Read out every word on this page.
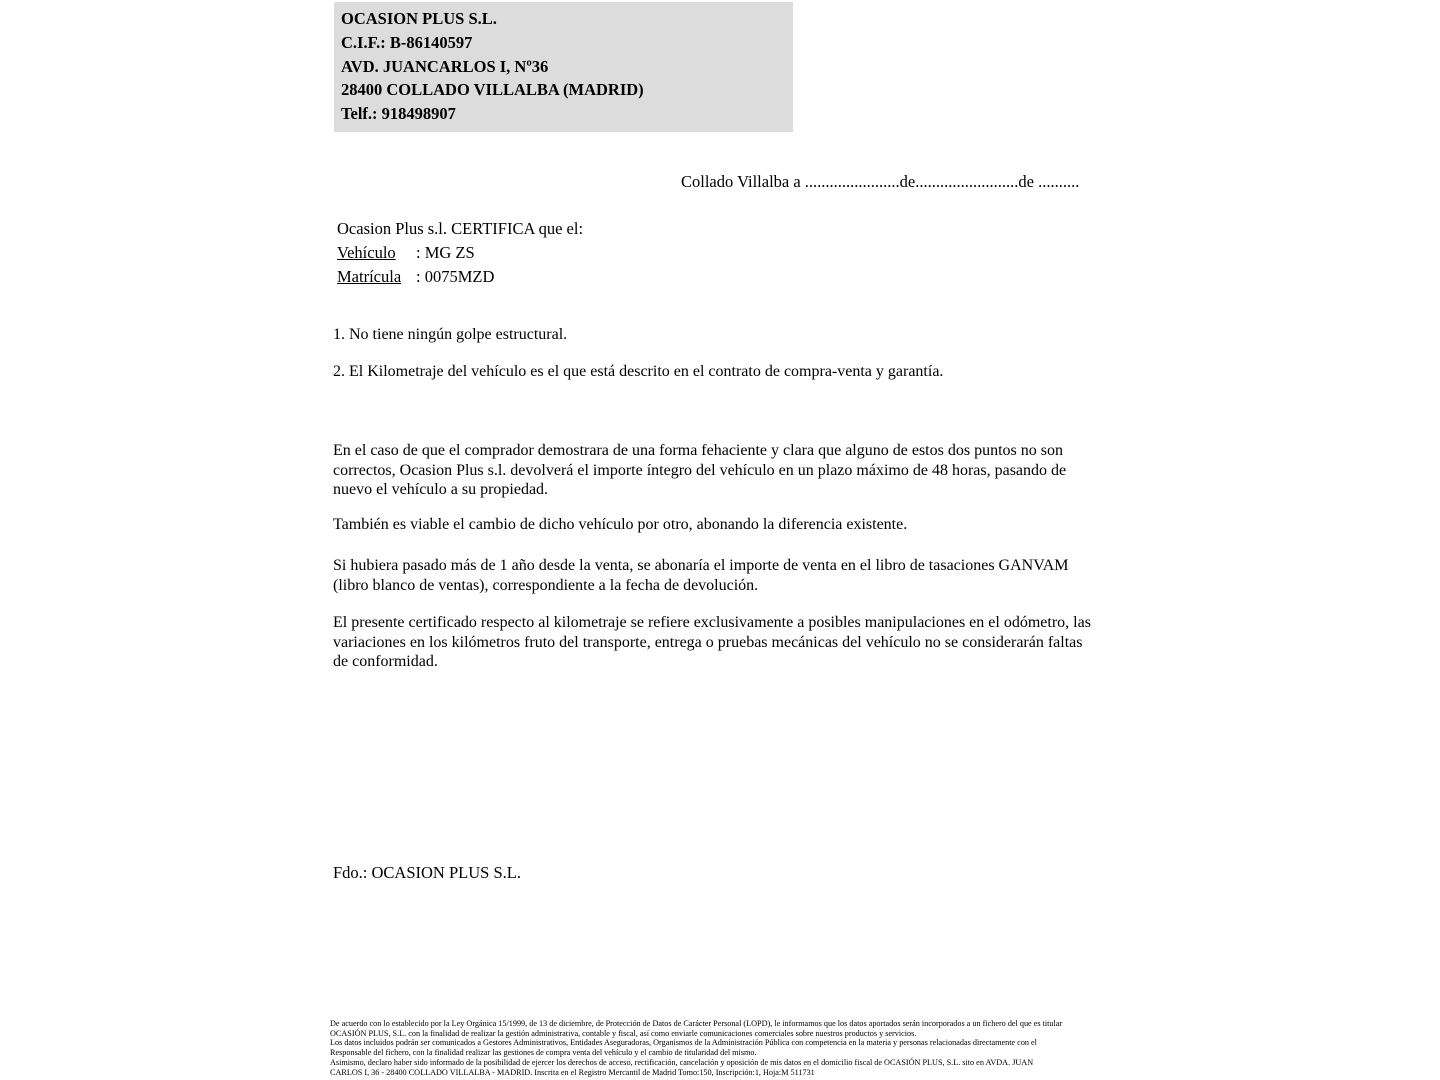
OCASION PLUS S.L.
C.I.F.: B-86140597
AVD. JUANCARLOS I, Nº36
28400 COLLADO VILLALBA (MADRID)
Telf.: 918498907
Collado Villalba a .......................de.........................de ..........
Ocasion Plus s.l. CERTIFICA que el:
Vehículo : MG ZS
Matrícula : 0075MZD
1. No tiene ningún golpe estructural.
2. El Kilometraje del vehículo es el que está descrito en el contrato de compra-venta y garantía.
En el caso de que el comprador demostrara de una forma fehaciente y clara que alguno de estos dos puntos no son correctos, Ocasion Plus s.l. devolverá el importe íntegro del vehículo en un plazo máximo de 48 horas, pasando de nuevo el vehículo a su propiedad.
También es viable el cambio de dicho vehículo por otro, abonando la diferencia existente.
Si hubiera pasado más de 1 año desde la venta, se abonaría el importe de venta en el libro de tasaciones GANVAM (libro blanco de ventas), correspondiente a la fecha de devolución.
El presente certificado respecto al kilometraje se refiere exclusivamente a posibles manipulaciones en el odómetro, las variaciones en los kilómetros fruto del transporte, entrega o pruebas mecánicas del vehículo no se considerarán faltas de conformidad.
Fdo.: OCASION PLUS S.L.
De acuerdo con lo establecido por la Ley Orgánica 15/1999, de 13 de diciembre, de Protección de Datos de Carácter Personal (LOPD), le informamos que los datos aportados serán incorporados a un fichero del que es titular
OCASIÓN PLUS, S.L. con la finalidad de realizar la gestión administrativa, contable y fiscal, así como enviarle comunicaciones comerciales sobre nuestros productos y servicios.
Los datos incluidos podrán ser comunicados a Gestores Administrativos, Entidades Aseguradoras, Organismos de la Administración Pública con competencia en la materia y personas relacionadas directamente con el
Responsable del fichero, con la finalidad realizar las gestiones de compra venta del vehículo y el cambio de titularidad del mismo.
Asimismo, declaro haber sido informado de la posibilidad de ejercer los derechos de acceso, rectificación, cancelación y oposición de mis datos en el domicilio fiscal de OCASIÓN PLUS, S.L. sito en AVDA. JUAN
CARLOS I, 36 - 28400 COLLADO VILLALBA - MADRID. Inscrita en el Registro Mercantil de Madrid Tomo:150, Inscripción:1, Hoja:M 511731
